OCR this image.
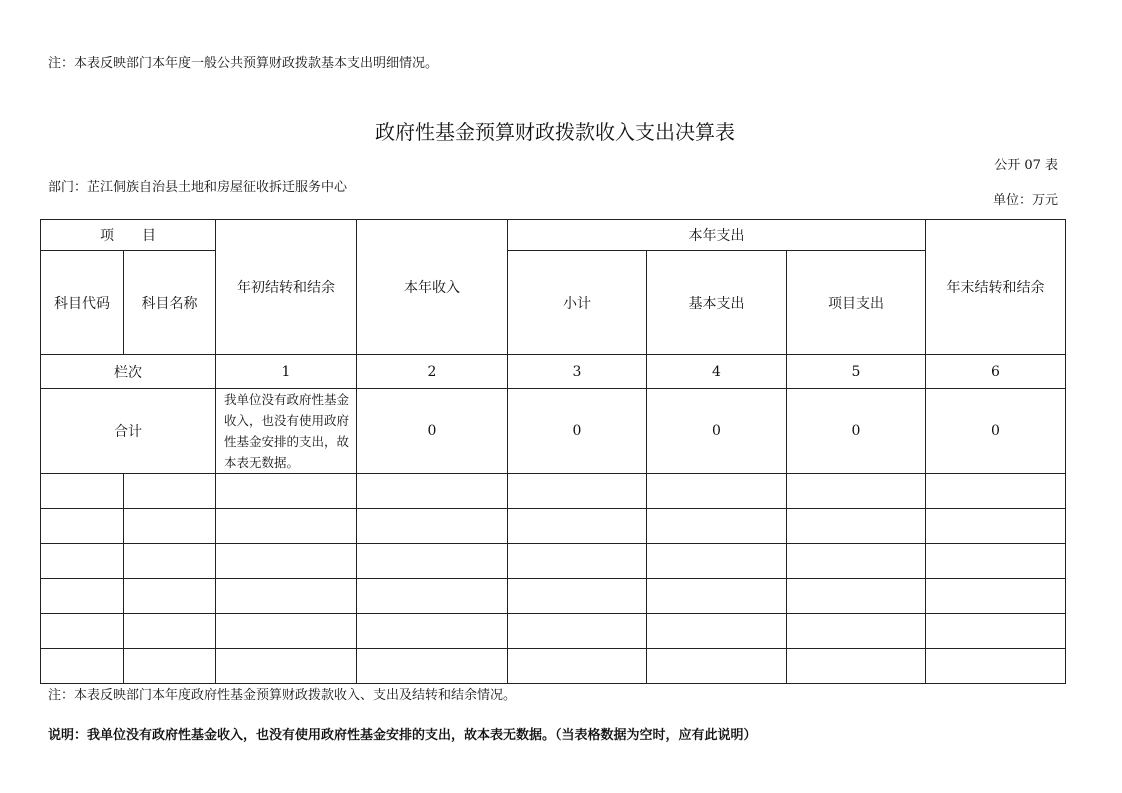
注：本表反映部门本年度一般公共预算财政拨款基本支出明细情况。
政府性基金预算财政拨款收入支出决算表
公开 07 表
部门：芷江侗族自治县土地和房屋征收拆迁服务中心
单位：万元
项　　目		年初结转和结余	本年收入	本年支出			年末结转和结余
科目代码	科目名称			小计	基本支出	项目支出	
栏次		1	2	3	4	5	6
合计		我单位没有政府性基金收入，也没有使用政府性基金安排的支出，故本表无数据。	0	0	0	0	0

注：本表反映部门本年度政府性基金预算财政拨款收入、支出及结转和结余情况。
说明：我单位没有政府性基金收入，也没有使用政府性基金安排的支出，故本表无数据。（当表格数据为空时，应有此说明）
